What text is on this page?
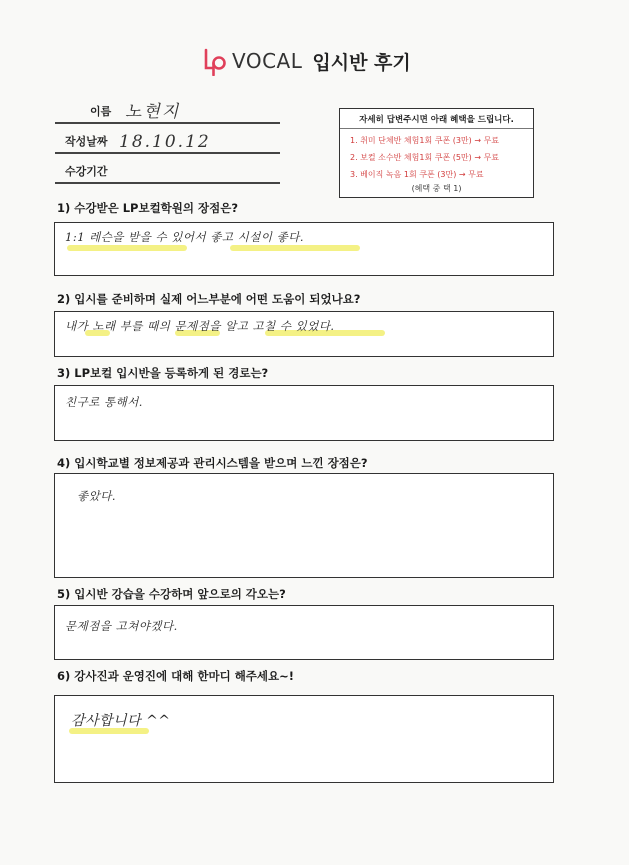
VOCAL 입시반 후기
이름 노현지
작성날짜 18.10.12
수강기간
자세히 답변주시면 아래 혜택을 드립니다.
1. 취미 단체반 체험1회 쿠폰 (3만) → 무료
2. 보컬 소수반 체험1회 쿠폰 (5만) → 무료
3. 베이직 녹음 1회 쿠폰 (3만) → 무료
(혜택 중 택 1)
1) 수강받은 LP보컬학원의 장점은?
1:1 레슨을 받을 수 있어서 좋고 시설이 좋다.
2) 입시를 준비하며 실제 어느부분에 어떤 도움이 되었나요?
내가 노래 부를 때의 문제점을 알고 고칠 수 있었다.
3) LP보컬 입시반을 등록하게 된 경로는?
친구로 통해서.
4) 입시학교별 정보제공과 관리시스템을 받으며 느낀 장점은?
좋았다.
5) 입시반 강습을 수강하며 앞으로의 각오는?
문제점을 고쳐야겠다.
6) 강사진과 운영진에 대해 한마디 해주세요~!
감사합니다 ^^
